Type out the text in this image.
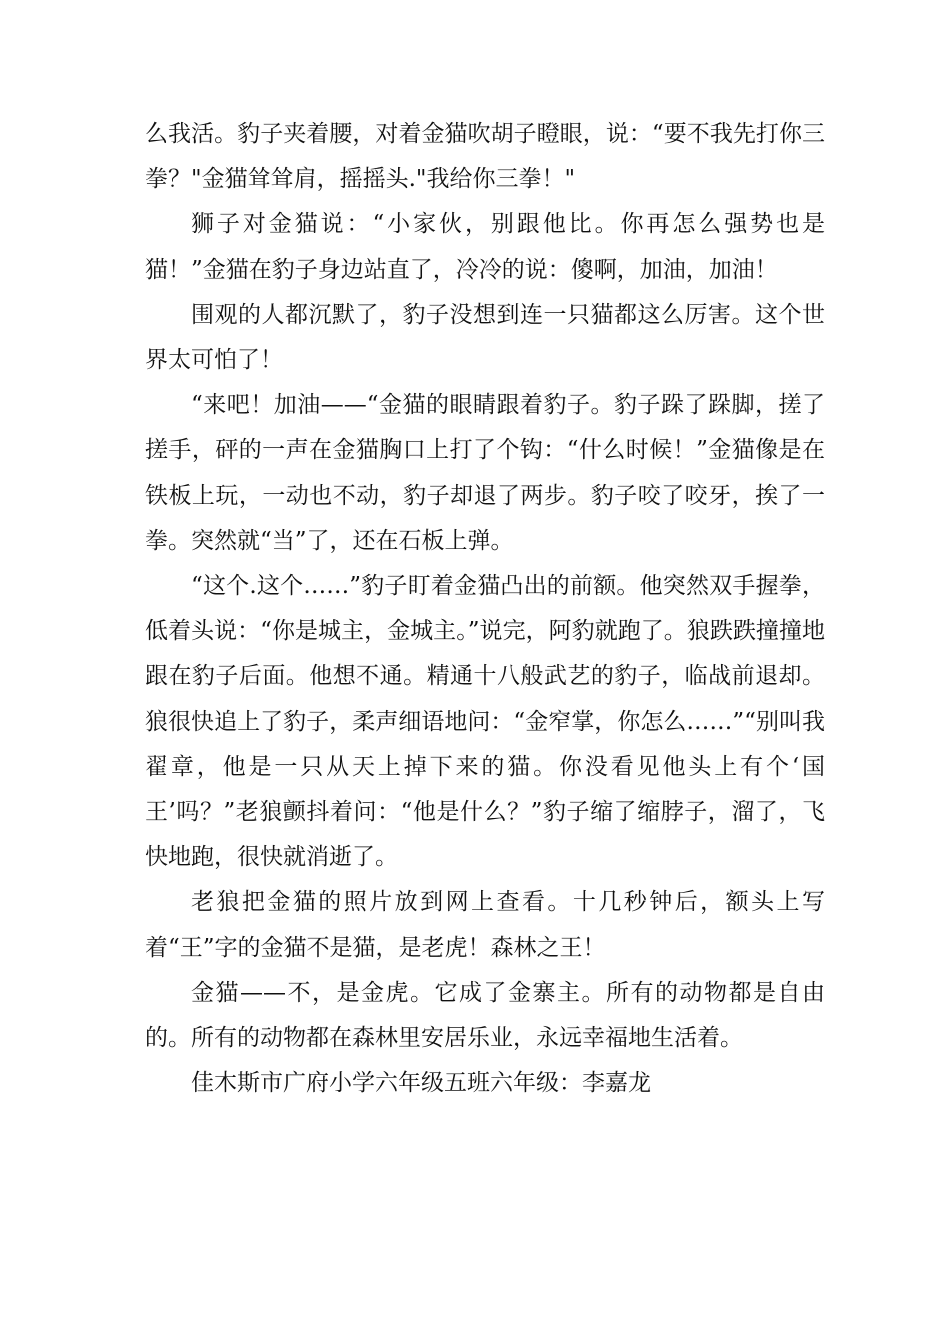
么我活。豹子夹着腰，对着金猫吹胡子瞪眼，说：“要不我先打你三拳？"金猫耸耸肩，摇摇头."我给你三拳！"

狮子对金猫说：“小家伙，别跟他比。你再怎么强势也是猫！”金猫在豹子身边站直了，冷冷的说：傻啊，加油，加油！

围观的人都沉默了，豹子没想到连一只猫都这么厉害。这个世界太可怕了！

“来吧！加油——“金猫的眼睛跟着豹子。豹子跺了跺脚，搓了搓手，砰的一声在金猫胸口上打了个钩：“什么时候！”金猫像是在铁板上玩，一动也不动，豹子却退了两步。豹子咬了咬牙，挨了一拳。突然就“当”了，还在石板上弹。

“这个.这个……”豹子盯着金猫凸出的前额。他突然双手握拳，低着头说：“你是城主，金城主。”说完，阿豹就跑了。狼跌跌撞撞地跟在豹子后面。他想不通。精通十八般武艺的豹子，临战前退却。狼很快追上了豹子，柔声细语地问：“金窄掌，你怎么……”“别叫我翟章，他是一只从天上掉下来的猫。你没看见他头上有个‘国王’吗？”老狼颤抖着问：“他是什么？”豹子缩了缩脖子，溜了，飞快地跑，很快就消逝了。

老狼把金猫的照片放到网上查看。十几秒钟后，额头上写着“王”字的金猫不是猫，是老虎！森林之王！

金猫——不，是金虎。它成了金寨主。所有的动物都是自由的。所有的动物都在森林里安居乐业，永远幸福地生活着。

佳木斯市广府小学六年级五班六年级：李嘉龙
